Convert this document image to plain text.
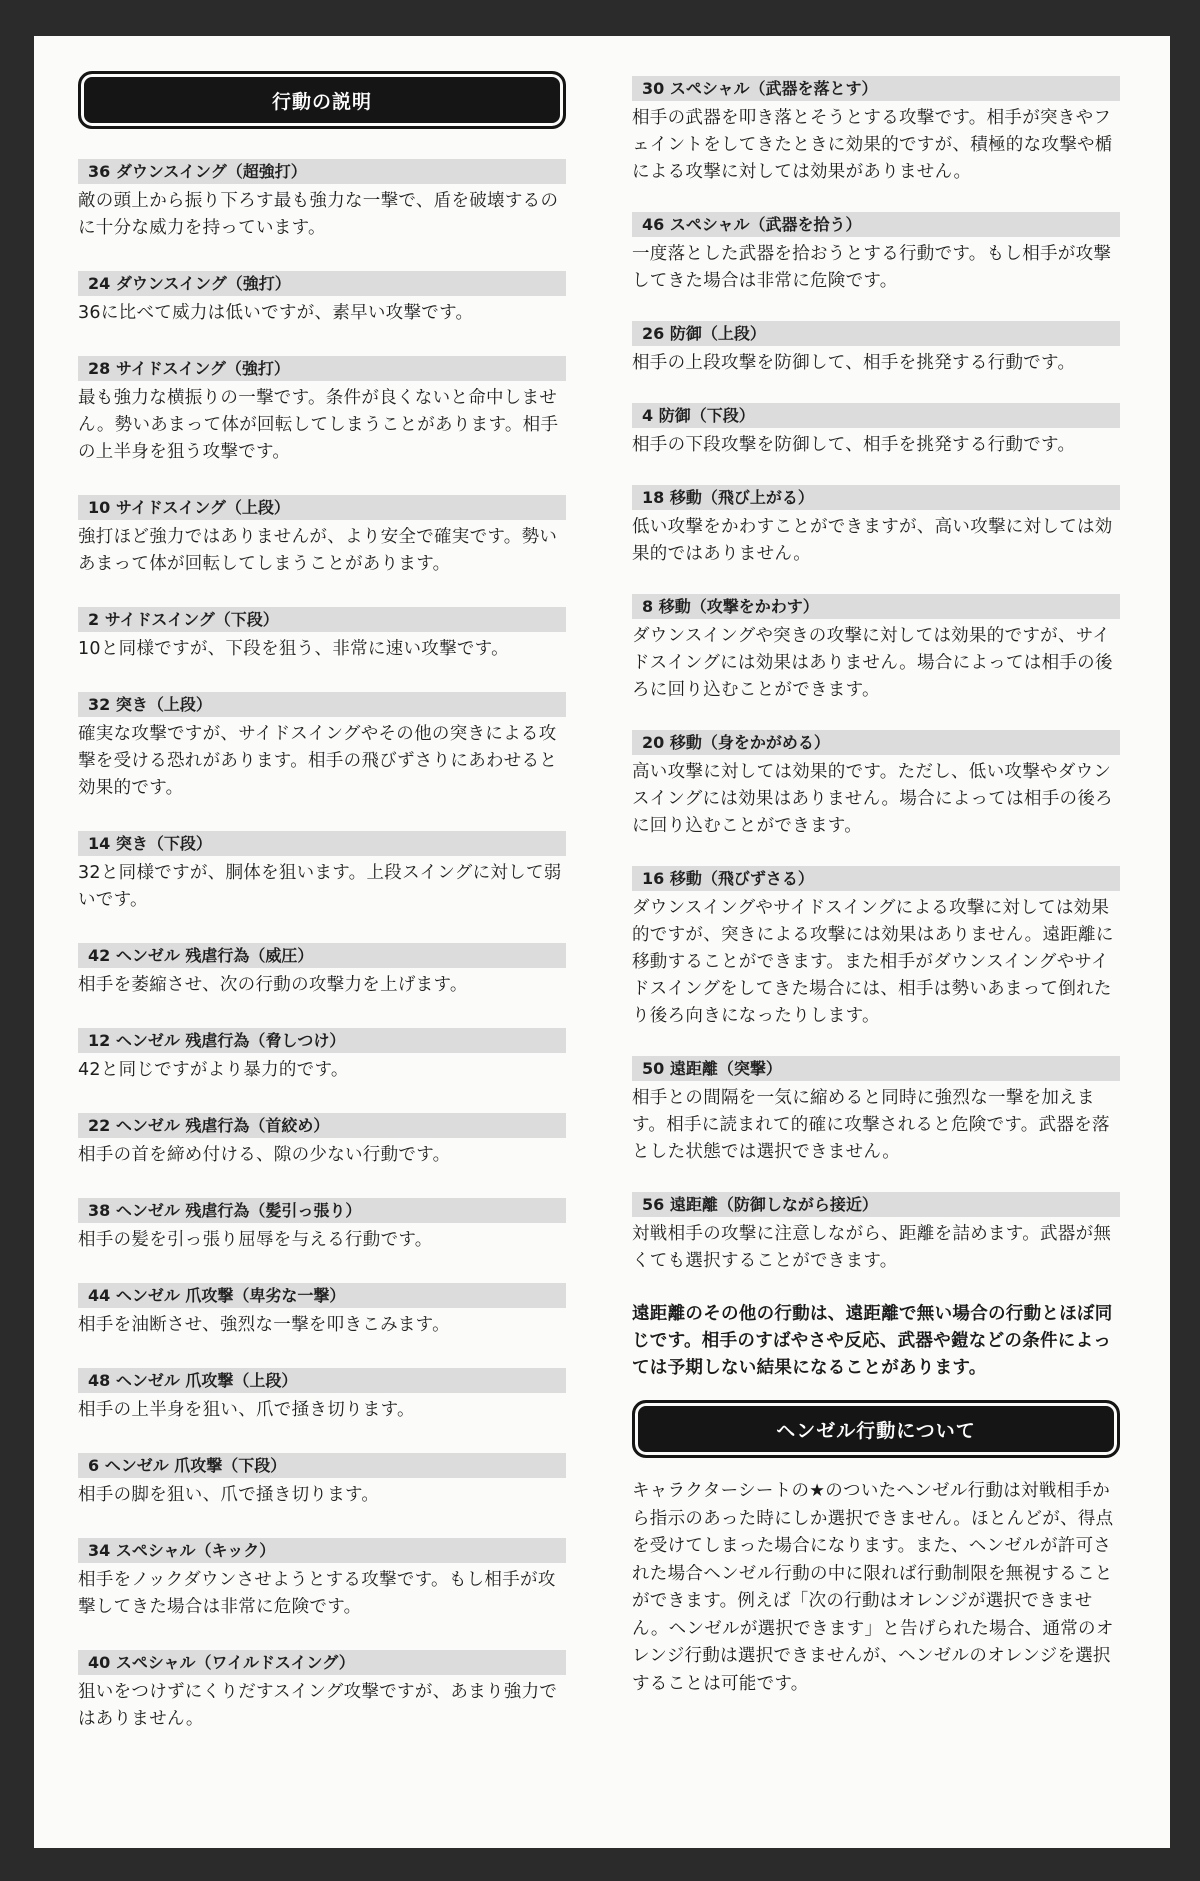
行動の説明
36 ダウンスイング（超強打）
敵の頭上から振り下ろす最も強力な一撃で、盾を破壊するのに十分な威力を持っています。
24 ダウンスイング（強打）
36に比べて威力は低いですが、素早い攻撃です。
28 サイドスイング（強打）
最も強力な横振りの一撃です。条件が良くないと命中しません。勢いあまって体が回転してしまうことがあります。相手の上半身を狙う攻撃です。
10 サイドスイング（上段）
強打ほど強力ではありませんが、より安全で確実です。勢いあまって体が回転してしまうことがあります。
2 サイドスイング（下段）
10と同様ですが、下段を狙う、非常に速い攻撃です。
32 突き（上段）
確実な攻撃ですが、サイドスイングやその他の突きによる攻撃を受ける恐れがあります。相手の飛びずさりにあわせると効果的です。
14 突き（下段）
32と同様ですが、胴体を狙います。上段スイングに対して弱いです。
42 ヘンゼル 残虐行為（威圧）
相手を萎縮させ、次の行動の攻撃力を上げます。
12 ヘンゼル 残虐行為（脅しつけ）
42と同じですがより暴力的です。
22 ヘンゼル 残虐行為（首絞め）
相手の首を締め付ける、隙の少ない行動です。
38 ヘンゼル 残虐行為（髪引っ張り）
相手の髪を引っ張り屈辱を与える行動です。
44 ヘンゼル 爪攻撃（卑劣な一撃）
相手を油断させ、強烈な一撃を叩きこみます。
48 ヘンゼル 爪攻撃（上段）
相手の上半身を狙い、爪で掻き切ります。
6 ヘンゼル 爪攻撃（下段）
相手の脚を狙い、爪で掻き切ります。
34 スペシャル（キック）
相手をノックダウンさせようとする攻撃です。もし相手が攻撃してきた場合は非常に危険です。
40 スペシャル（ワイルドスイング）
狙いをつけずにくりだすスイング攻撃ですが、あまり強力ではありません。
30 スペシャル（武器を落とす）
相手の武器を叩き落とそうとする攻撃です。相手が突きやフェイントをしてきたときに効果的ですが、積極的な攻撃や楯による攻撃に対しては効果がありません。
46 スペシャル（武器を拾う）
一度落とした武器を拾おうとする行動です。もし相手が攻撃してきた場合は非常に危険です。
26 防御（上段）
相手の上段攻撃を防御して、相手を挑発する行動です。
4 防御（下段）
相手の下段攻撃を防御して、相手を挑発する行動です。
18 移動（飛び上がる）
低い攻撃をかわすことができますが、高い攻撃に対しては効果的ではありません。
8 移動（攻撃をかわす）
ダウンスイングや突きの攻撃に対しては効果的ですが、サイドスイングには効果はありません。場合によっては相手の後ろに回り込むことができます。
20 移動（身をかがめる）
高い攻撃に対しては効果的です。ただし、低い攻撃やダウンスイングには効果はありません。場合によっては相手の後ろに回り込むことができます。
16 移動（飛びずさる）
ダウンスイングやサイドスイングによる攻撃に対しては効果的ですが、突きによる攻撃には効果はありません。遠距離に移動することができます。また相手がダウンスイングやサイドスイングをしてきた場合には、相手は勢いあまって倒れたり後ろ向きになったりします。
50 遠距離（突撃）
相手との間隔を一気に縮めると同時に強烈な一撃を加えます。相手に読まれて的確に攻撃されると危険です。武器を落とした状態では選択できません。
56 遠距離（防御しながら接近）
対戦相手の攻撃に注意しながら、距離を詰めます。武器が無くても選択することができます。
遠距離のその他の行動は、遠距離で無い場合の行動とほぼ同じです。相手のすばやさや反応、武器や鎧などの条件によっては予期しない結果になることがあります。
ヘンゼル行動について
キャラクターシートの★のついたヘンゼル行動は対戦相手から指示のあった時にしか選択できません。ほとんどが、得点を受けてしまった場合になります。また、ヘンゼルが許可された場合ヘンゼル行動の中に限れば行動制限を無視することができます。例えば「次の行動はオレンジが選択できません。ヘンゼルが選択できます」と告げられた場合、通常のオレンジ行動は選択できませんが、ヘンゼルのオレンジを選択することは可能です。
